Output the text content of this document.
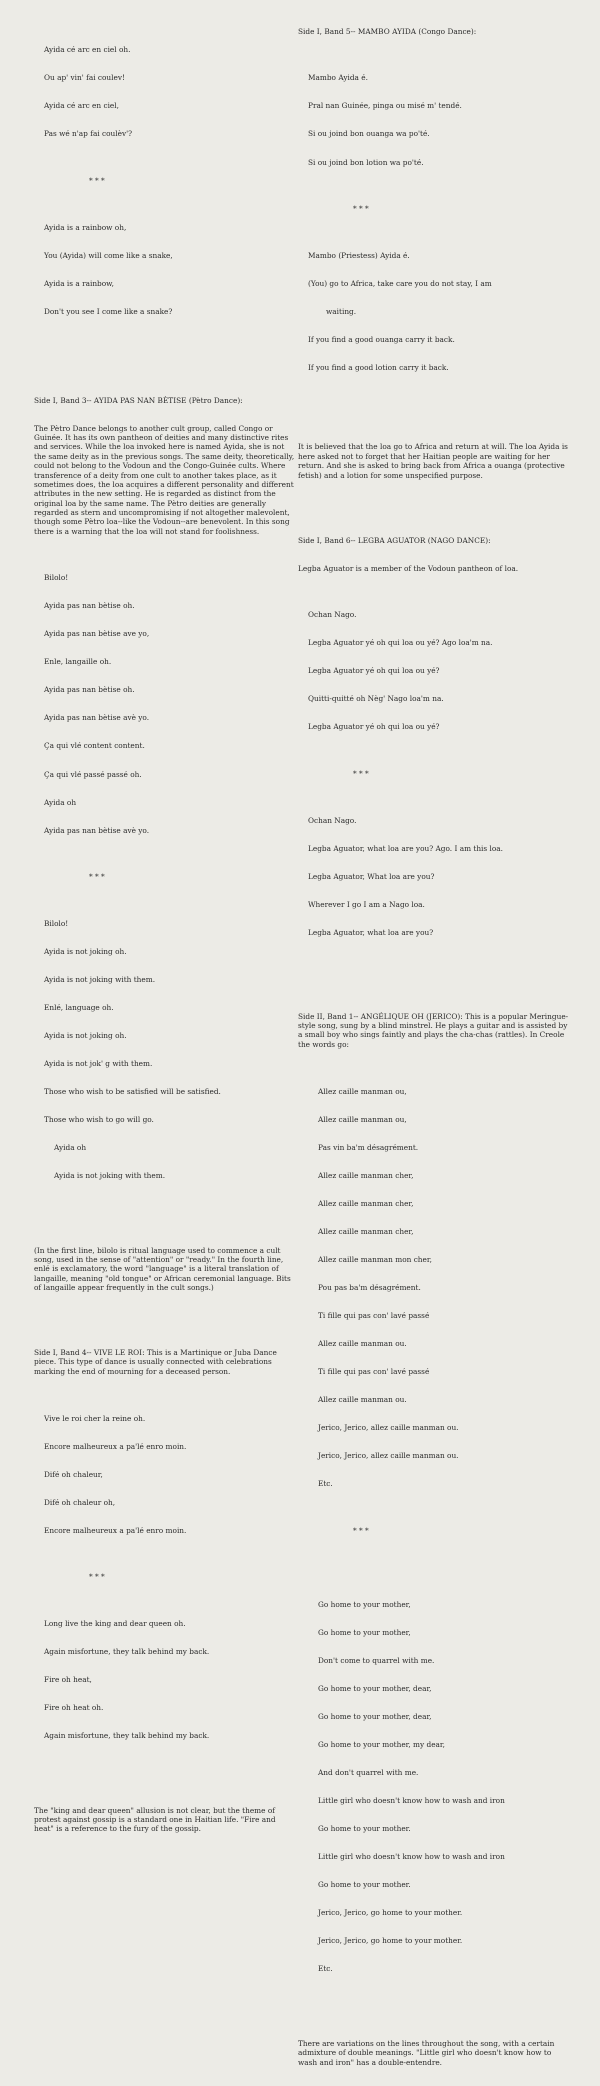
Ayida cé arc en ciel oh.

Ou ap' vin' fai coulev!

Ayida cé arc en ciel,

Pas wé n'ap fai coulèv'?

* * *

Ayida is a rainbow oh,

You (Ayida) will come like a snake,

Ayida is a rainbow,

Don't you see I come like a snake?

Side I, Band 3-- AYIDA PAS NAN BÈTISE (Pètro Dance):

The Pètro Dance belongs to another cult group, called Congo or Guinée. It has its own pantheon of deities and many distinctive rites and services. While the loa invoked here is named Ayida, she is not the same deity as in the previous songs. The same deity, theoretically, could not belong to the Vodoun and the Congo-Guinée cults. Where transference of a deity from one cult to another takes place, as it sometimes does, the loa acquires a different personality and different attributes in the new setting. He is regarded as distinct from the original loa by the same name. The Pètro deities are generally regarded as stern and uncompromising if not altogether malevolent, though some Pètro loa--like the Vodoun--are benevolent. In this song there is a warning that the loa will not stand for foolishness.

Bilolo!

Ayida pas nan bètise oh.

Ayida pas nan bètise ave yo,

Enle, langaille oh.

Ayida pas nan bètise oh.

Ayida pas nan bètise avè yo.

Ça qui vlé content content.

Ça qui vlé passé passé oh.

Ayida oh

Ayida pas nan bètise avè yo.

* * *

Bilolo!

Ayida is not joking oh.

Ayida is not joking with them.

Enlé, language oh.

Ayida is not joking oh.

Ayida is not jok' g with them.

Those who wish to be satisfied will be satisfied.

Those who wish to go will go.

Ayida oh

Ayida is not joking with them.

(In the first line, bilolo is ritual language used to commence a cult song, used in the sense of "attention" or "ready." In the fourth line, enlé is exclamatory, the word "language" is a literal translation of langaille, meaning "old tongue" or African ceremonial language. Bits of langaille appear frequently in the cult songs.)

Side I, Band 4-- VIVE LE ROI: This is a Martinique or Juba Dance piece. This type of dance is usually connected with celebrations marking the end of mourning for a deceased person.

Vive le roi cher la reine oh.

Encore malheureux a pa'lé enro moin.

Difé oh chaleur,

Difé oh chaleur oh,

Encore malheureux a pa'lé enro moin.

* * *

Long live the king and dear queen oh.

Again misfortune, they talk behind my back.

Fire oh heat,

Fire oh heat oh.

Again misfortune, they talk behind my back.

The "king and dear queen" allusion is not clear, but the theme of protest against gossip is a standard one in Haitian life. "Fire and heat" is a reference to the fury of the gossip.

Side I, Band 5-- MAMBO AYIDA (Congo Dance):

Mambo Ayida é.

Pral nan Guinée, pinga ou misé m' tendé.

Si ou joind bon ouanga wa po'té.

Si ou joind bon lotion wa po'té.

* * *

Mambo (Priestess) Ayida é.

(You) go to Africa, take care you do not stay, I am

waiting.

If you find a good ouanga carry it back.

If you find a good lotion carry it back.

It is believed that the loa go to Africa and return at will. The loa Ayida is here asked not to forget that her Haitian people are waiting for her return. And she is asked to bring back from Africa a ouanga (protective fetish) and a lotion for some unspecified purpose.

Side I, Band 6-- LEGBA AGUATOR (NAGO DANCE):

Legba Aguator is a member of the Vodoun pantheon of loa.

Ochan Nago.

Legba Aguator yé oh qui loa ou yé? Ago loa'm na.

Legba Aguator yé oh qui loa ou yé?

Quitti-quitté oh Nèg' Nago loa'm na.

Legba Aguator yé oh qui loa ou yé?

* * *

Ochan Nago.

Legba Aguator, what loa are you? Ago. I am this loa.

Legba Aguator, What loa are you?

Wherever I go I am a Nago loa.

Legba Aguator, what loa are you?

Side II, Band 1-- ANGÉLIQUE OH (JERICO): This is a popular Meringue-style song, sung by a blind minstrel. He plays a guitar and is assisted by a small boy who sings faintly and plays the cha-chas (rattles). In Creole the words go:

Allez caille manman ou,

Allez caille manman ou,

Pas vin ba'm désagrément.

Allez caille manman cher,

Allez caille manman cher,

Allez caille manman cher,

Allez caille manman mon cher,

Pou pas ba'm désagrément.

Ti fille qui pas con' lavé passé

Allez caille manman ou.

Ti fille qui pas con' lavé passé

Allez caille manman ou.

Jerico, Jerico, allez caille manman ou.

Jerico, Jerico, allez caille manman ou.

Etc.

* * *

Go home to your mother,

Go home to your mother,

Don't come to quarrel with me.

Go home to your mother, dear,

Go home to your mother, dear,

Go home to your mother, my dear,

And don't quarrel with me.

Little girl who doesn't know how to wash and iron

Go home to your mother.

Little girl who doesn't know how to wash and iron

Go home to your mother.

Jerico, Jerico, go home to your mother.

Jerico, Jerico, go home to your mother.

Etc.

There are variations on the lines throughout the song, with a certain admixture of double meanings. "Little girl who doesn't know how to wash and iron" has a double-entendre.
